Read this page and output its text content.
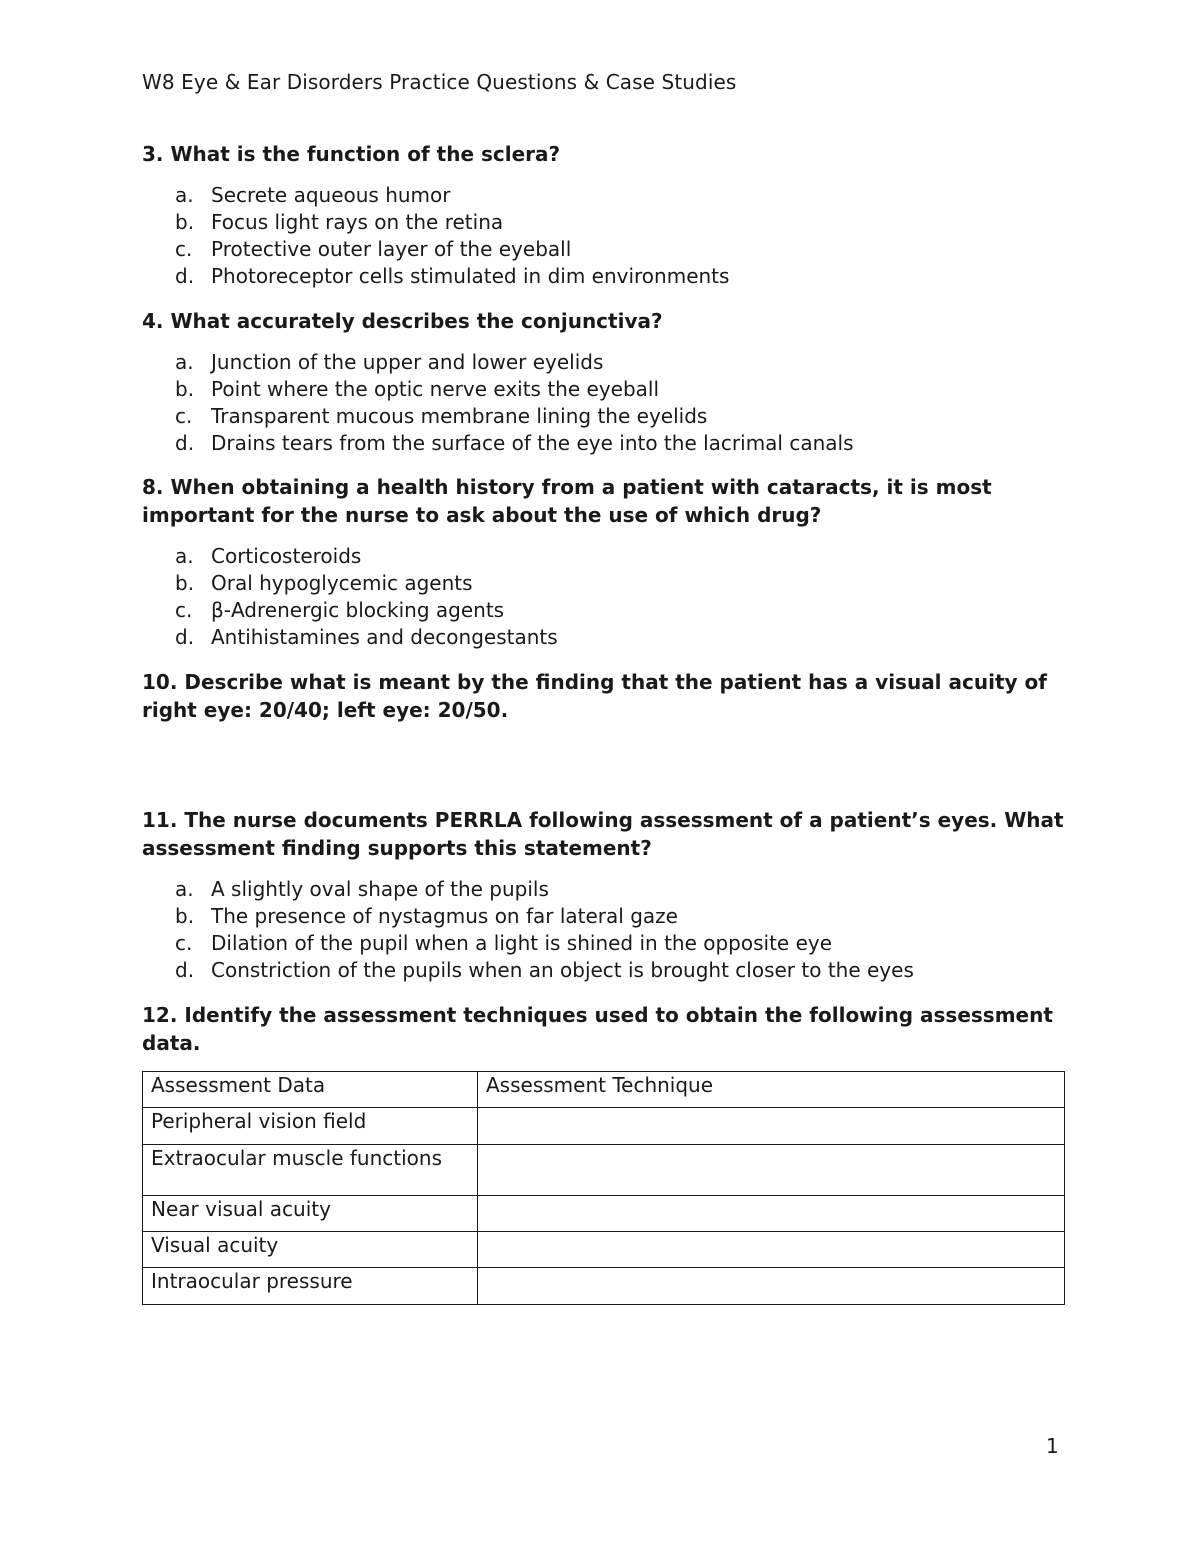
W8 Eye & Ear Disorders Practice Questions & Case Studies
3. What is the function of the sclera?
a. Secrete aqueous humor
b. Focus light rays on the retina
c. Protective outer layer of the eyeball
d. Photoreceptor cells stimulated in dim environments
4. What accurately describes the conjunctiva?
a. Junction of the upper and lower eyelids
b. Point where the optic nerve exits the eyeball
c. Transparent mucous membrane lining the eyelids
d. Drains tears from the surface of the eye into the lacrimal canals
8. When obtaining a health history from a patient with cataracts, it is most important for the nurse to ask about the use of which drug?
a. Corticosteroids
b. Oral hypoglycemic agents
c. β-Adrenergic blocking agents
d. Antihistamines and decongestants
10. Describe what is meant by the finding that the patient has a visual acuity of right eye: 20/40; left eye: 20/50.
11. The nurse documents PERRLA following assessment of a patient’s eyes. What assessment finding supports this statement?
a. A slightly oval shape of the pupils
b. The presence of nystagmus on far lateral gaze
c. Dilation of the pupil when a light is shined in the opposite eye
d. Constriction of the pupils when an object is brought closer to the eyes
12. Identify the assessment techniques used to obtain the following assessment data.
Assessment Data	Assessment Technique
Peripheral vision field	
Extraocular muscle functions	
Near visual acuity	
Visual acuity	
Intraocular pressure	
1
